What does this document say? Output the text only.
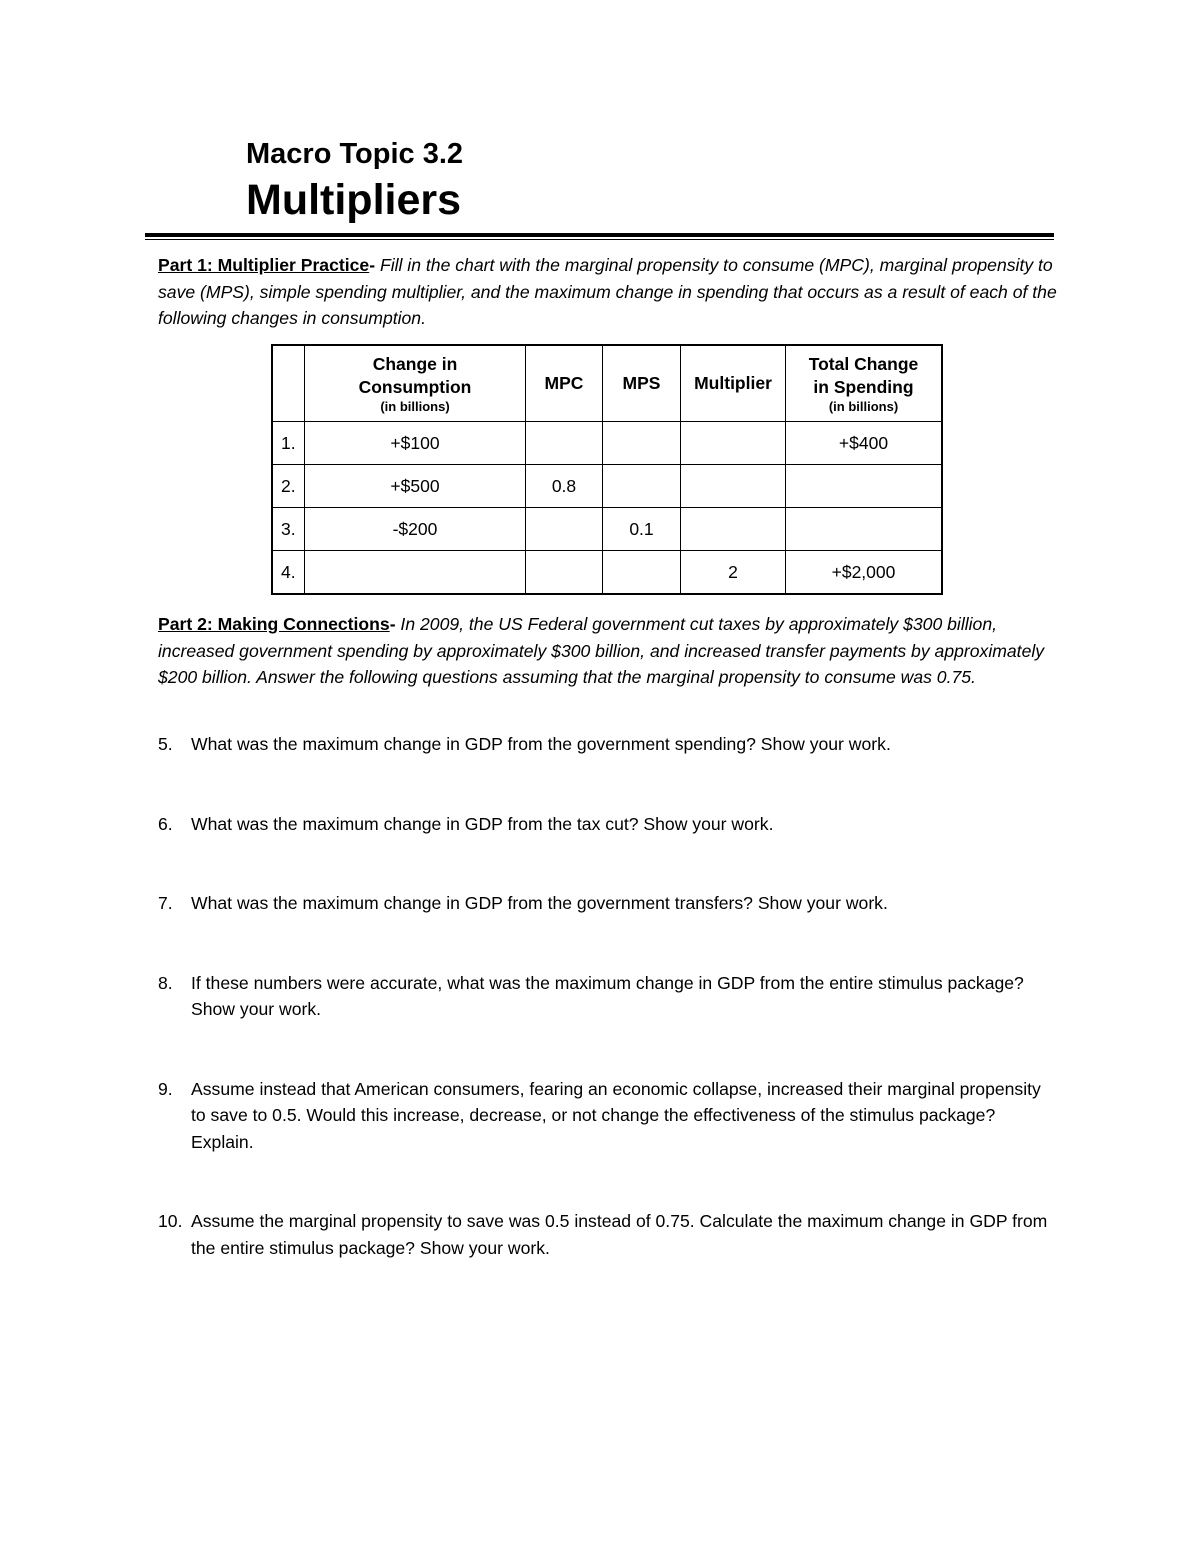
Macro Topic 3.2
Multipliers
Part 1: Multiplier Practice- Fill in the chart with the marginal propensity to consume (MPC), marginal propensity to save (MPS), simple spending multiplier, and the maximum change in spending that occurs as a result of each of the following changes in consumption.
	Change in
Consumption
(in billions)	MPC	MPS	Multiplier	Total Change
in Spending
(in billions)

1.	+$100				+$400
2.	+$500	0.8			
3.	-$200		0.1		
4.				2	+$2,000
Part 2: Making Connections- In 2009, the US Federal government cut taxes by approximately $300 billion, increased government spending by approximately $300 billion, and increased transfer payments by approximately $200 billion. Answer the following questions assuming that the marginal propensity to consume was 0.75.
5.	What was the maximum change in GDP from the government spending? Show your work.
6.	What was the maximum change in GDP from the tax cut? Show your work.
7.	What was the maximum change in GDP from the government transfers? Show your work.
8.	If these numbers were accurate, what was the maximum change in GDP from the entire stimulus package? Show your work.
9.	Assume instead that American consumers, fearing an economic collapse, increased their marginal propensity to save to 0.5. Would this increase, decrease, or not change the effectiveness of the stimulus package? Explain.
10. Assume the marginal propensity to save was 0.5 instead of 0.75. Calculate the maximum change in GDP from the entire stimulus package? Show your work.
